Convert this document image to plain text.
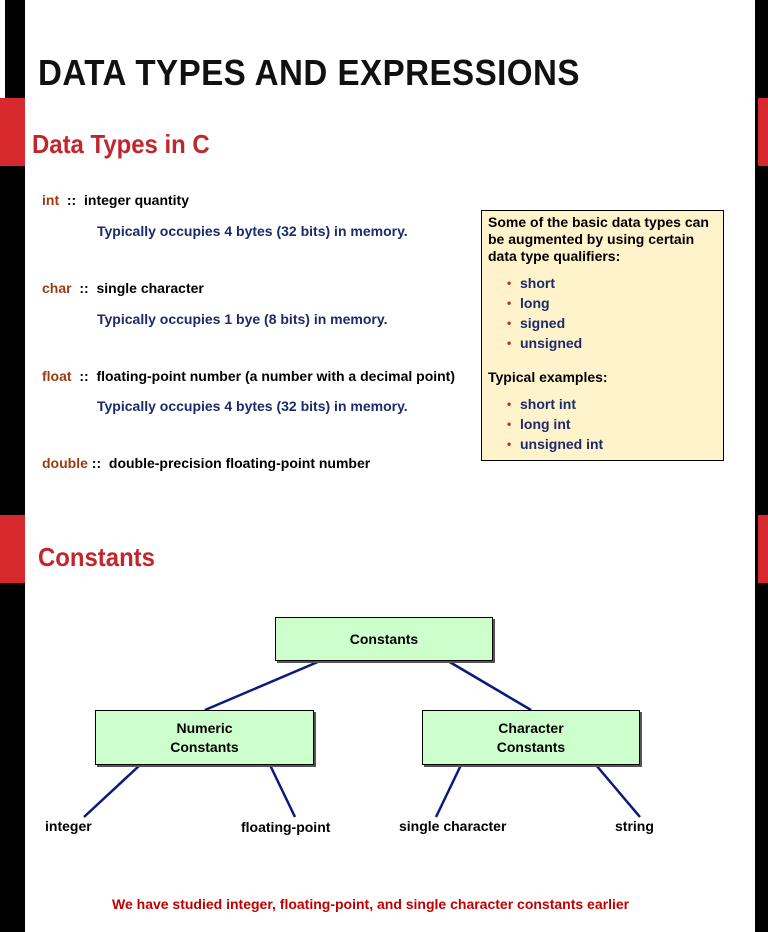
DATA TYPES AND EXPRESSIONS
Data Types in C
int :: integer quantity
Typically occupies 4 bytes (32 bits) in memory.
char :: single character
Typically occupies 1 bye (8 bits) in memory.
float :: floating-point number (a number with a decimal point)
Typically occupies 4 bytes (32 bits) in memory.
double :: double-precision floating-point number
Some of the basic data types can be augmented by using certain data type qualifiers:
• short
• long
• signed
• unsigned
Typical examples:
• short int
• long int
• unsigned int
Constants
Constants
Numeric
Constants
Character
Constants
integer	floating-point	single character	string
We have studied integer, floating-point, and single character constants earlier
